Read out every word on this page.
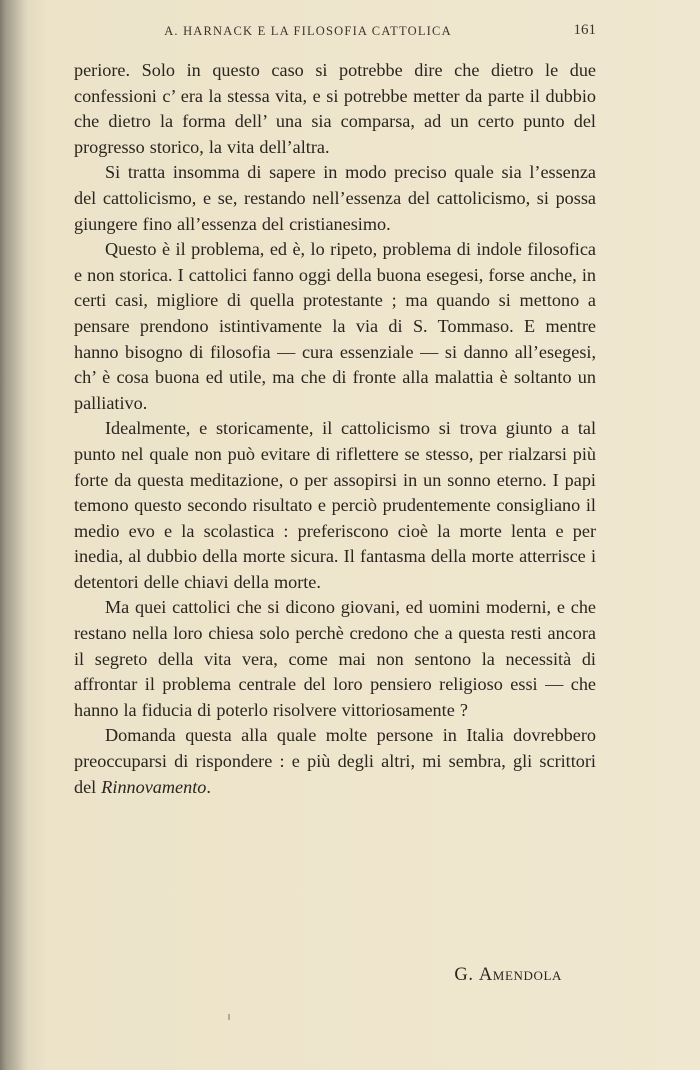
A. HARNACK E LA FILOSOFIA CATTOLICA	161

periore. Solo in questo caso si potrebbe dire che dietro le due confessioni c’ era la stessa vita, e si potrebbe metter da parte il dubbio che dietro la forma dell’ una sia comparsa, ad un certo punto del progresso storico, la vita dell’altra.

Si tratta insomma di sapere in modo preciso quale sia l’essenza del cattolicismo, e se, restando nell’essenza del cattolicismo, si possa giungere fino all’essenza del cristianesimo.

Questo è il problema, ed è, lo ripeto, problema di indole filosofica e non storica. I cattolici fanno oggi della buona esegesi, forse anche, in certi casi, migliore di quella protestante ; ma quando si mettono a pensare prendono istintivamente la via di S. Tommaso. E mentre hanno bisogno di filosofia — cura essenziale — si danno all’esegesi, ch’ è cosa buona ed utile, ma che di fronte alla malattia è soltanto un palliativo.

Idealmente, e storicamente, il cattolicismo si trova giunto a tal punto nel quale non può evitare di riflettere se stesso, per rialzarsi più forte da questa meditazione, o per assopirsi in un sonno eterno. I papi temono questo secondo risultato e perciò prudentemente consigliano il medio evo e la scolastica : preferiscono cioè la morte lenta e per inedia, al dubbio della morte sicura. Il fantasma della morte atterrisce i detentori delle chiavi della morte.

Ma quei cattolici che si dicono giovani, ed uomini moderni, e che restano nella loro chiesa solo perchè credono che a questa resti ancora il segreto della vita vera, come mai non sentono la necessità di affrontar il problema centrale del loro pensiero religioso essi — che hanno la fiducia di poterlo risolvere vittoriosamente ?

Domanda questa alla quale molte persone in Italia dovrebbero preoccuparsi di rispondere : e più degli altri, mi sembra, gli scrittori del Rinnovamento.

G. Amendola
